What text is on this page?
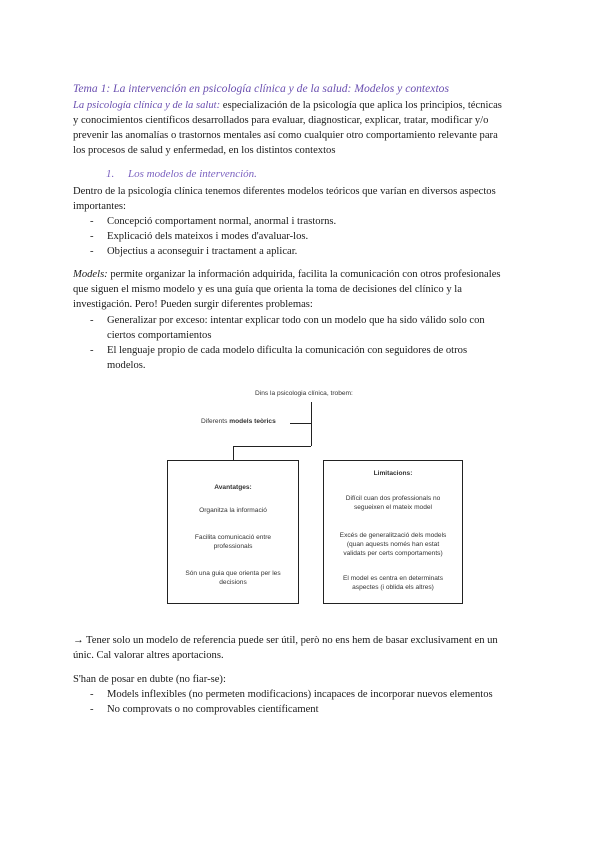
Tema 1: La intervención en psicología clínica y de la salud: Modelos y contextos
La psicología clínica y de la salut: especialización de la psicología que aplica los principios, técnicas
y conocimientos científicos desarrollados para evaluar, diagnosticar, explicar, tratar, modificar y/o
prevenir las anomalías o trastornos mentales así como cualquier otro comportamiento relevante para
los procesos de salud y enfermedad, en los distintos contextos
1. Los modelos de intervención.
Dentro de la psicología clínica tenemos diferentes modelos teóricos que varían en diversos aspectos
importantes:
- Concepció comportament normal, anormal i trastorns.
- Explicació dels mateixos i modes d'avaluar-los.
- Objectius a aconseguir i tractament a aplicar.
Models: permite organizar la información adquirida, facilita la comunicación con otros profesionales
que siguen el mismo modelo y es una guía que orienta la toma de decisiones del clínico y la
investigación. Pero! Pueden surgir diferentes problemas:
- Generalizar por exceso: intentar explicar todo con un modelo que ha sido válido solo con
ciertos comportamientos
- El lenguaje propio de cada modelo dificulta la comunicación con seguidores de otros
modelos.
Dins la psicologia clínica, trobem:
Diferents models teòrics
Avantatges:
Organitza la informació
Facilita comunicació entre
professionals
Són una guia que orienta per les
decisions
Limitacions:
Difícil cuan dos professionals no
segueixen el mateix model
Excés de generalització dels models
(quan aquests només han estat
validats per certs comportaments)
El model es centra en determinats
aspectes (i oblida els altres)
→ Tener solo un modelo de referencia puede ser útil, però no ens hem de basar exclusivament en un
únic. Cal valorar altres aportacions.
S'han de posar en dubte (no fiar-se):
- Models inflexibles (no permeten modificacions) incapaces de incorporar nuevos elementos
- No comprovats o no comprovables científicament
